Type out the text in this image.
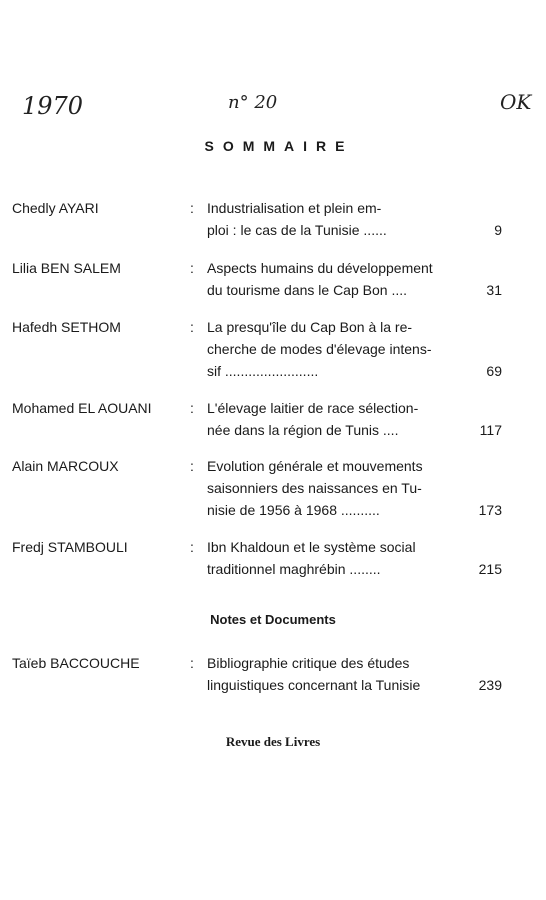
1970	n° 20	OK
SOMMAIRE
Chedly AYARI	: Industrialisation et plein em-
ploi : le cas de la Tunisie ......	9
Lilia BEN SALEM	: Aspects humains du développement
du tourisme dans le Cap Bon ....	31
Hafedh SETHOM	: La presqu'île du Cap Bon à la re-
cherche de modes d'élevage intens-
sif ........................	69
Mohamed EL AOUANI	: L'élevage laitier de race sélection-
née dans la région de Tunis ....	117
Alain MARCOUX	: Evolution générale et mouvements
saisonniers des naissances en Tu-
nisie de 1956 à 1968 ..........	173
Fredj STAMBOULI	: Ibn Khaldoun et le système social
traditionnel maghrébin ........	215
Notes et Documents
Taïeb BACCOUCHE	: Bibliographie critique des études
linguistiques concernant la Tunisie	239
Revue des Livres
